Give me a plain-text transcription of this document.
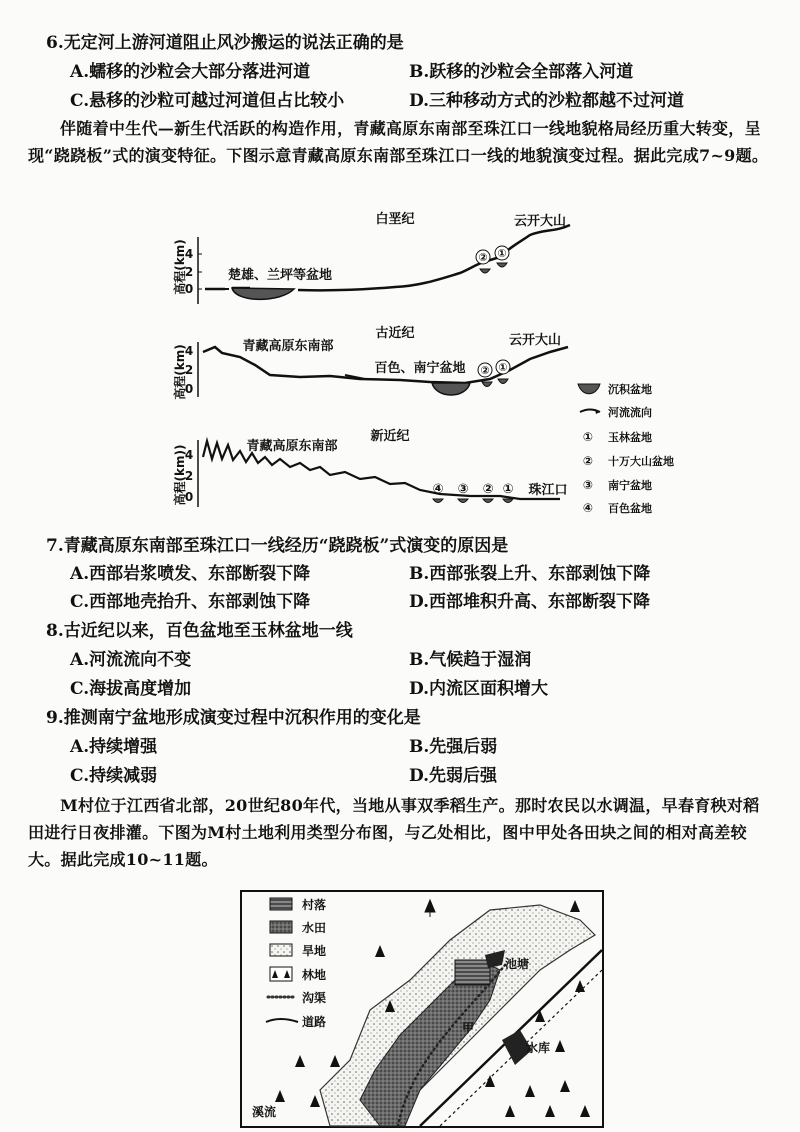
6.无定河上游河道阻止风沙搬运的说法正确的是
A.蠕移的沙粒会大部分落进河道	B.跃移的沙粒会全部落入河道
C.悬移的沙粒可越过河道但占比较小	D.三种移动方式的沙粒都越不过河道
伴随着中生代—新生代活跃的构造作用，青藏高原东南部至珠江口一线地貌格局经历重大转变，呈现“跷跷板”式的演变特征。下图示意青藏高原东南部至珠江口一线的地貌演变过程。据此完成7~9题。
高程(km)
4
2
0
白垩纪	云开大山
楚雄、兰坪等盆地
② ①
高程(km)
4
2
0
古近纪
青藏高原东南部	云开大山
百色、南宁盆地 ② ①
沉积盆地
河流流向
① 玉林盆地
② 十万大山盆地
③ 南宁盆地
④ 百色盆地
高程(km))
4
2
0
新近纪
青藏高原东南部
珠江口
④ ③ ② ①
7.青藏高原东南部至珠江口一线经历“跷跷板”式演变的原因是
A.西部岩浆喷发、东部断裂下降	B.西部张裂上升、东部剥蚀下降
C.西部地壳抬升、东部剥蚀下降	D.西部堆积升高、东部断裂下降
8.古近纪以来，百色盆地至玉林盆地一线
A.河流流向不变	B.气候趋于湿润
C.海拔高度增加	D.内流区面积增大
9.推测南宁盆地形成演变过程中沉积作用的变化是
A.持续增强	B.先强后弱
C.持续减弱	D.先弱后强
M村位于江西省北部，20世纪80年代，当地从事双季稻生产。那时农民以水调温，早春育秧对稻田进行日夜排灌。下图为M村土地利用类型分布图，与乙处相比，图中甲处各田块之间的相对高差较大。据此完成10~11题。
池塘
甲
水库
溪流
村落
水田
旱地
林地
沟渠
道路
